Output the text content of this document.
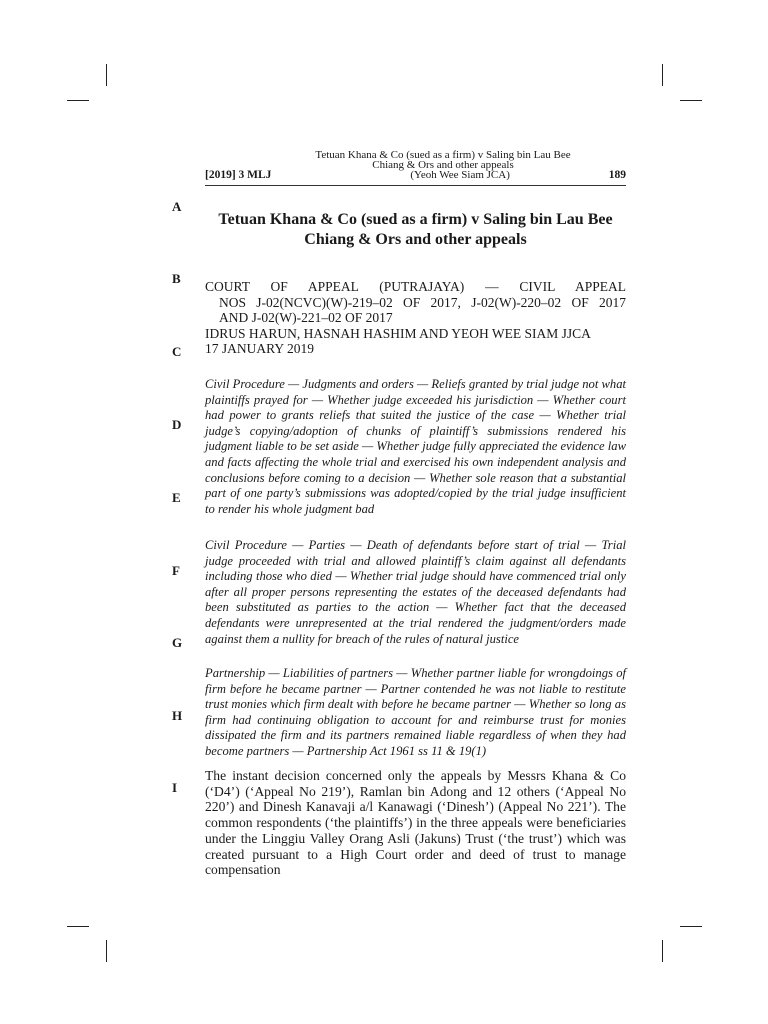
Tetuan Khana & Co (sued as a firm) v Saling bin Lau Bee
Chiang & Ors and other appeals
[2019] 3 MLJ	(Yeoh Wee Siam JCA)	189
A
B
C
D
E
F
G
H
I
Tetuan Khana & Co (sued as a firm) v Saling bin Lau Bee
Chiang & Ors and other appeals
COURT OF APPEAL (PUTRAJAYA) — CIVIL APPEAL
NOS J-02(NCVC)(W)-219–02 OF 2017, J-02(W)-220–02 OF 2017
AND J-02(W)-221–02 OF 2017
IDRUS HARUN, HASNAH HASHIM AND YEOH WEE SIAM JJCA
17 JANUARY 2019
Civil Procedure — Judgments and orders — Reliefs granted by trial judge not what plaintiffs prayed for — Whether judge exceeded his jurisdiction — Whether court had power to grants reliefs that suited the justice of the case — Whether trial judge’s copying/adoption of chunks of plaintiff’s submissions rendered his judgment liable to be set aside — Whether judge fully appreciated the evidence law and facts affecting the whole trial and exercised his own independent analysis and conclusions before coming to a decision — Whether sole reason that a substantial part of one party’s submissions was adopted/copied by the trial judge insufficient to render his whole judgment bad
Civil Procedure — Parties — Death of defendants before start of trial — Trial judge proceeded with trial and allowed plaintiff’s claim against all defendants including those who died — Whether trial judge should have commenced trial only after all proper persons representing the estates of the deceased defendants had been substituted as parties to the action — Whether fact that the deceased defendants were unrepresented at the trial rendered the judgment/orders made against them a nullity for breach of the rules of natural justice
Partnership — Liabilities of partners — Whether partner liable for wrongdoings of firm before he became partner — Partner contended he was not liable to restitute trust monies which firm dealt with before he became partner — Whether so long as firm had continuing obligation to account for and reimburse trust for monies dissipated the firm and its partners remained liable regardless of when they had become partners — Partnership Act 1961 ss 11 & 19(1)
The instant decision concerned only the appeals by Messrs Khana & Co (‘D4’) (‘Appeal No 219’), Ramlan bin Adong and 12 others (‘Appeal No 220’) and Dinesh Kanavaji a/l Kanawagi (‘Dinesh’) (Appeal No 221’). The common respondents (‘the plaintiffs’) in the three appeals were beneficiaries under the Linggiu Valley Orang Asli (Jakuns) Trust (‘the trust’) which was created pursuant to a High Court order and deed of trust to manage compensation
